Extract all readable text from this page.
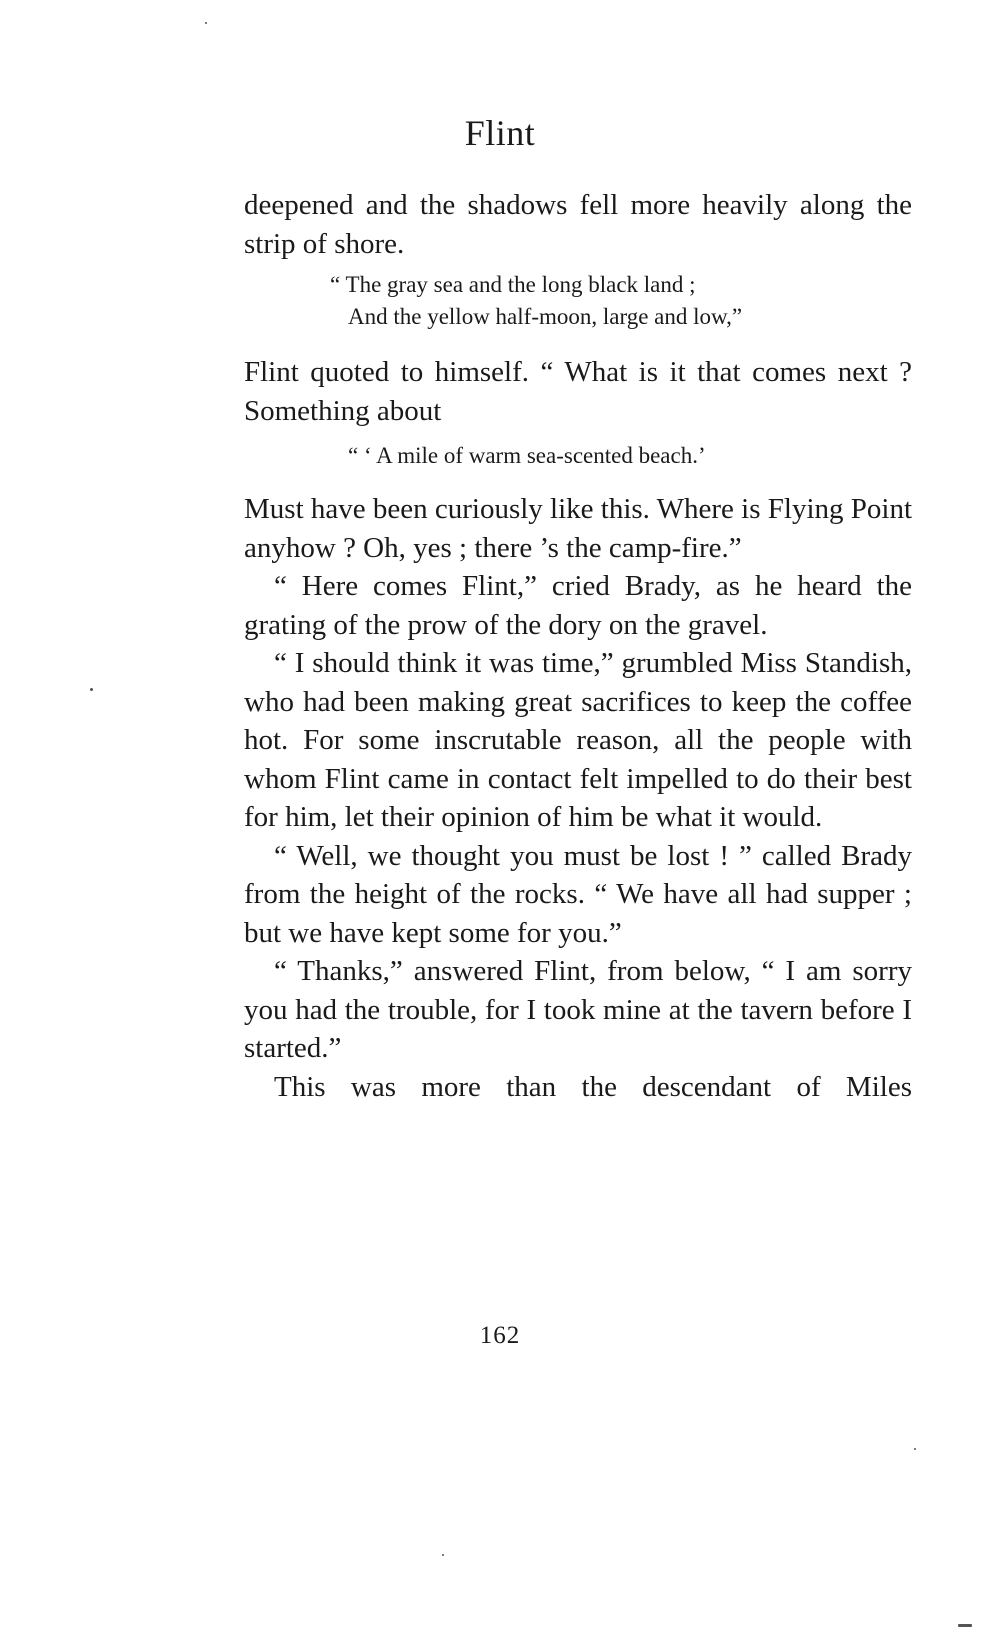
Flint

deepened and the shadows fell more heavily along the strip of shore.

“ The gray sea and the long black land ;
And the yellow half-moon, large and low,”

Flint quoted to himself. “ What is it that comes next ? Something about

“ ‘ A mile of warm sea-scented beach.’

Must have been curiously like this. Where is Flying Point anyhow ? Oh, yes ; there ’s the camp-fire.”

“ Here comes Flint,” cried Brady, as he heard the grating of the prow of the dory on the gravel.

“ I should think it was time,” grumbled Miss Standish, who had been making great sacrifices to keep the coffee hot. For some inscrutable reason, all the people with whom Flint came in contact felt impelled to do their best for him, let their opinion of him be what it would.

“ Well, we thought you must be lost ! ” called Brady from the height of the rocks. “ We have all had supper ; but we have kept some for you.”

“ Thanks,” answered Flint, from below, “ I am sorry you had the trouble, for I took mine at the tavern before I started.”

This was more than the descendant of Miles

162
